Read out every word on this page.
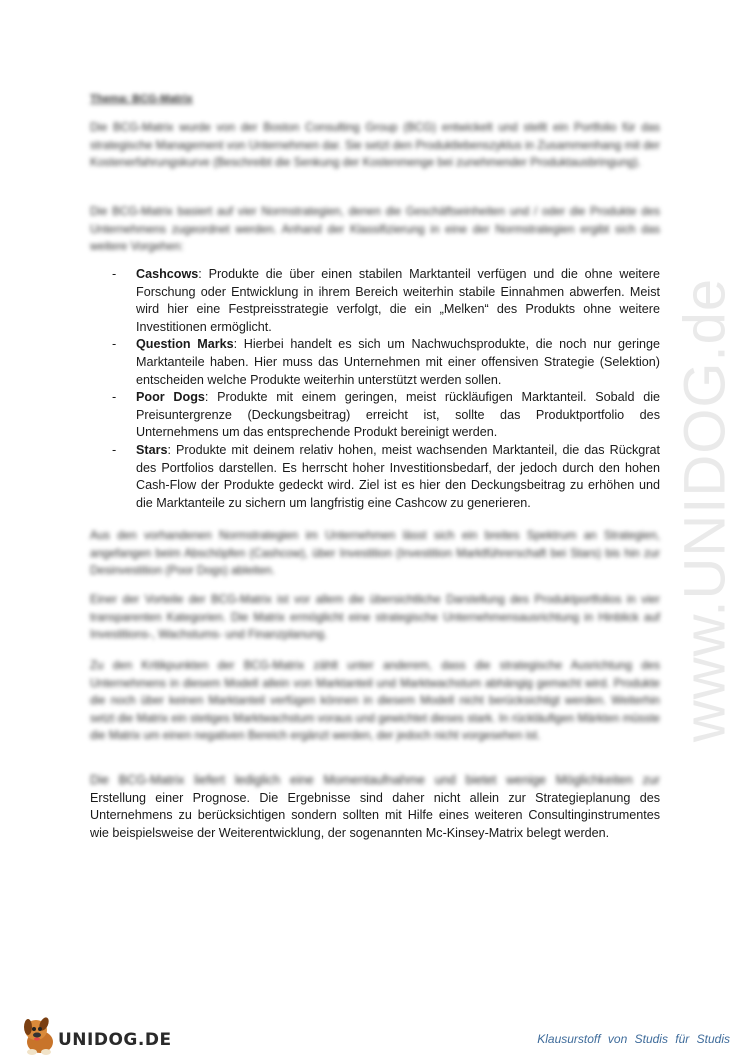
www.UNIDOG.de
Thema: BCG-Matrix
Die BCG-Matrix wurde von der Boston Consulting Group (BCG) entwickelt und stellt ein Portfolio für das strategische Management von Unternehmen dar. Sie setzt den Produktlebenszyklus in Zusammenhang mit der Kostenerfahrungskurve (Beschreibt die Senkung der Kostenmenge bei zunehmender Produktausbringung).
Die BCG-Matrix basiert auf vier Normstrategien, denen die Geschäftseinheiten und / oder die Produkte des Unternehmens zugeordnet werden. Anhand der Klassifizierung in eine der Normstrategien ergibt sich das weitere Vorgehen:
- Cashcows: Produkte die über einen stabilen Marktanteil verfügen und die ohne weitere Forschung oder Entwicklung in ihrem Bereich weiterhin stabile Einnahmen abwerfen. Meist wird hier eine Festpreisstrategie verfolgt, die ein „Melken“ des Produkts ohne weitere Investitionen ermöglicht.
- Question Marks: Hierbei handelt es sich um Nachwuchsprodukte, die noch nur geringe Marktanteile haben. Hier muss das Unternehmen mit einer offensiven Strategie (Selektion) entscheiden welche Produkte weiterhin unterstützt werden sollen.
- Poor Dogs: Produkte mit einem geringen, meist rückläufigen Marktanteil. Sobald die Preisuntergrenze (Deckungsbeitrag) erreicht ist, sollte das Produktportfolio des Unternehmens um das entsprechende Produkt bereinigt werden.
- Stars: Produkte mit deinem relativ hohen, meist wachsenden Marktanteil, die das Rückgrat des Portfolios darstellen. Es herrscht hoher Investitionsbedarf, der jedoch durch den hohen Cash-Flow der Produkte gedeckt wird. Ziel ist es hier den Deckungsbeitrag zu erhöhen und die Marktanteile zu sichern um langfristig eine Cashcow zu generieren.
Aus den vorhandenen Normstrategien im Unternehmen lässt sich ein breites Spektrum an Strategien, angefangen beim Abschöpfen (Cashcow), über Investition (Investition Marktführerschaft bei Stars) bis hin zur Desinvestition (Poor Dogs) ableiten.
Einer der Vorteile der BCG-Matrix ist vor allem die übersichtliche Darstellung des Produktportfolios in vier transparenten Kategorien. Die Matrix ermöglicht eine strategische Unternehmensausrichtung in Hinblick auf Investitions-, Wachstums- und Finanzplanung.
Zu den Kritikpunkten der BCG-Matrix zählt unter anderem, dass die strategische Ausrichtung des Unternehmens in diesem Modell allein von Marktanteil und Marktwachstum abhängig gemacht wird. Produkte die noch über keinen Marktanteil verfügen können in diesem Modell nicht berücksichtigt werden. Weiterhin setzt die Matrix ein stetiges Marktwachstum voraus und gewichtet dieses stark. In rückläufigen Märkten müsste die Matrix um einen negativen Bereich ergänzt werden, der jedoch nicht vorgesehen ist.
Die BCG-Matrix liefert lediglich eine Momentaufnahme und bietet wenige Möglichkeiten zur
Erstellung einer Prognose. Die Ergebnisse sind daher nicht allein zur Strategieplanung des Unternehmens zu berücksichtigen sondern sollten mit Hilfe eines weiteren Consultinginstrumentes wie beispielsweise der Weiterentwicklung, der sogenannten Mc-Kinsey-Matrix belegt werden.
UNIDOG.DE	Klausurstoff von Studis für Studis
